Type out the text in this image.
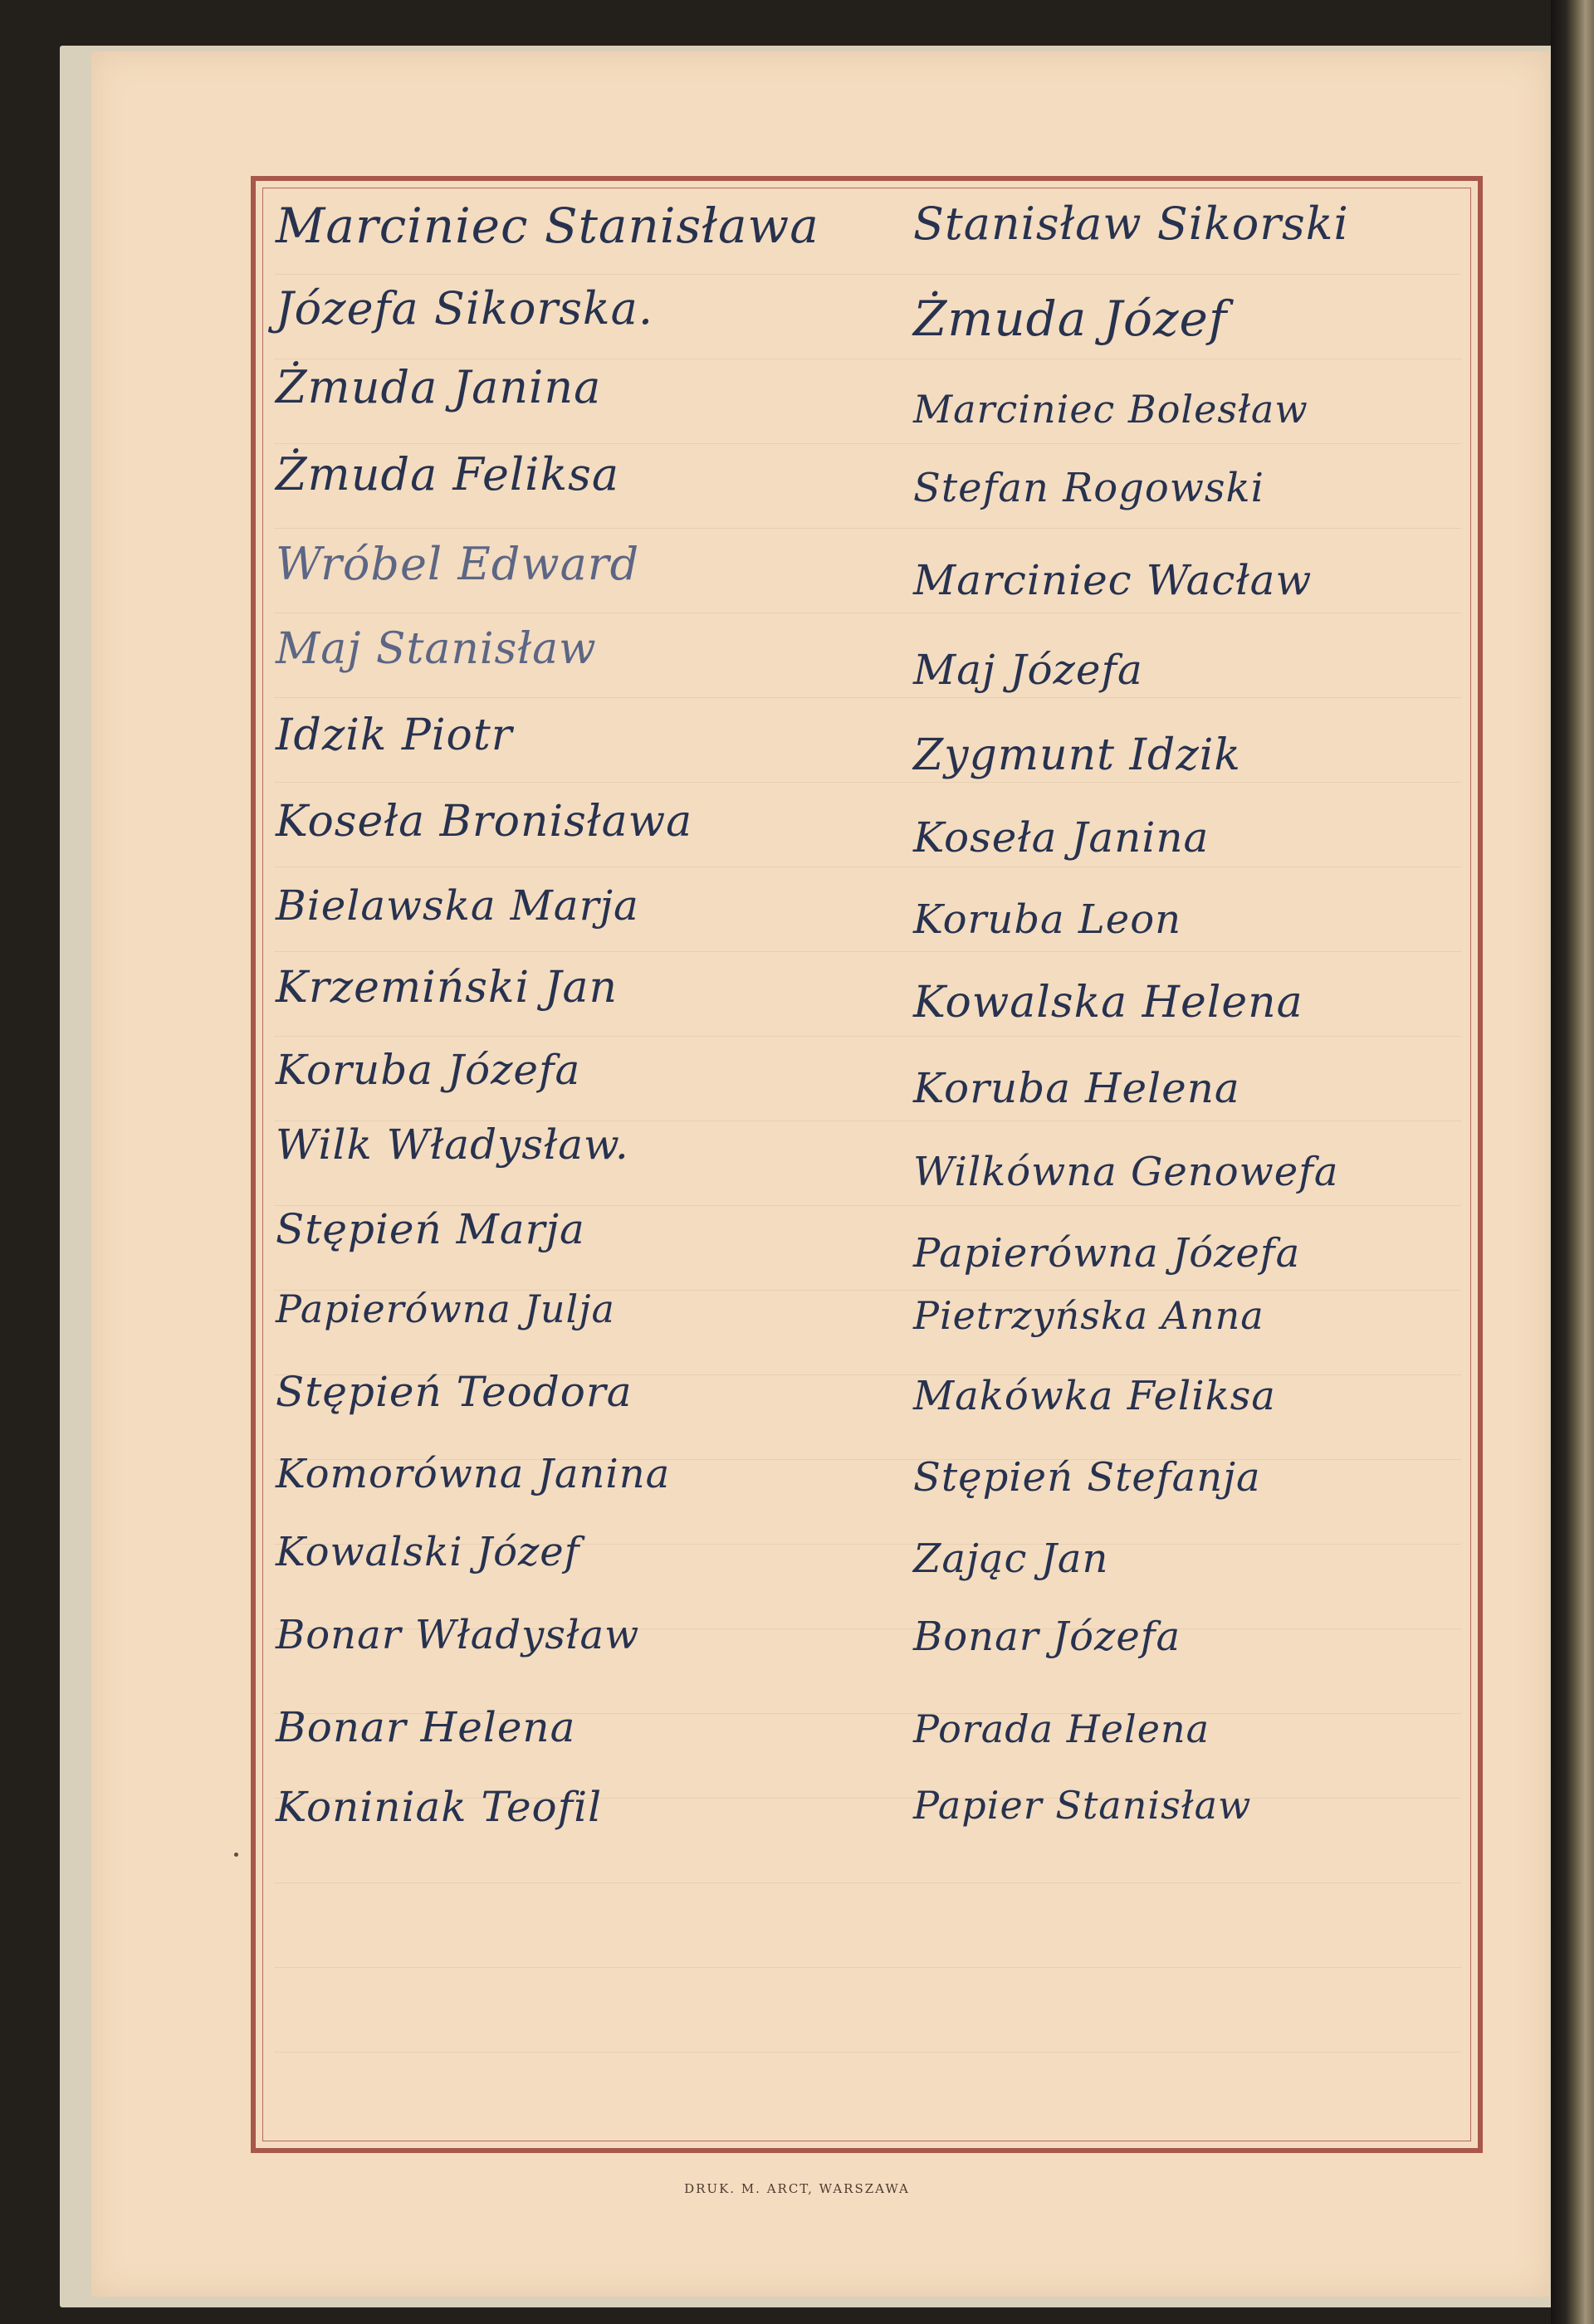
Marciniec Stanisława
Józefa Sikorska.
Żmuda Janina
Żmuda Feliksa
Wróbel Edward
Maj Stanisław
Idzik Piotr
Koseła Bronisława
Bielawska Marja
Krzemiński Jan
Koruba Józefa
Wilk Władysław.
Stępień Marja
Papierówna Julja
Stępień Teodora
Komorówna Janina
Kowalski Józef
Bonar Władysław
Bonar Helena
Koniniak Teofil
Stanisław Sikorski
Żmuda Józef
Marciniec Bolesław
Stefan Rogowski
Marciniec Wacław
Maj Józefa
Zygmunt Idzik
Koseła Janina
Koruba Leon
Kowalska Helena
Koruba Helena
Wilkówna Genowefa
Papierówna Józefa
Pietrzyńska Anna
Makówka Feliksa
Stępień Stefanja
Zając Jan
Bonar Józefa
Porada Helena
Papier Stanisław
DRUK. M. ARCT, WARSZAWA
